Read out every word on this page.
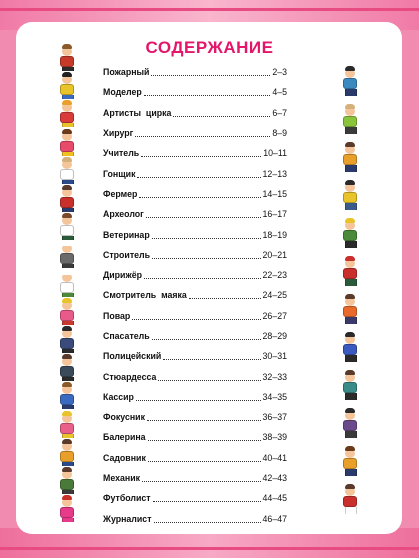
СОДЕРЖАНИЕ
Пожарный	2–3
Моделер	4–5
Артисты  цирка	6–7
Хирург	8–9
Учитель	10–11
Гонщик	12–13
Фермер	14–15
Археолог	16–17
Ветеринар	18–19
Строитель	20–21
Дирижёр	22–23
Смотритель  маяка	24–25
Повар	26–27
Спасатель	28–29
Полицейский	30–31
Стюардесса	32–33
Кассир	34–35
Фокусник	36–37
Балерина	38–39
Садовник	40–41
Механик	42–43
Футболист	44–45
Журналист	46–47
